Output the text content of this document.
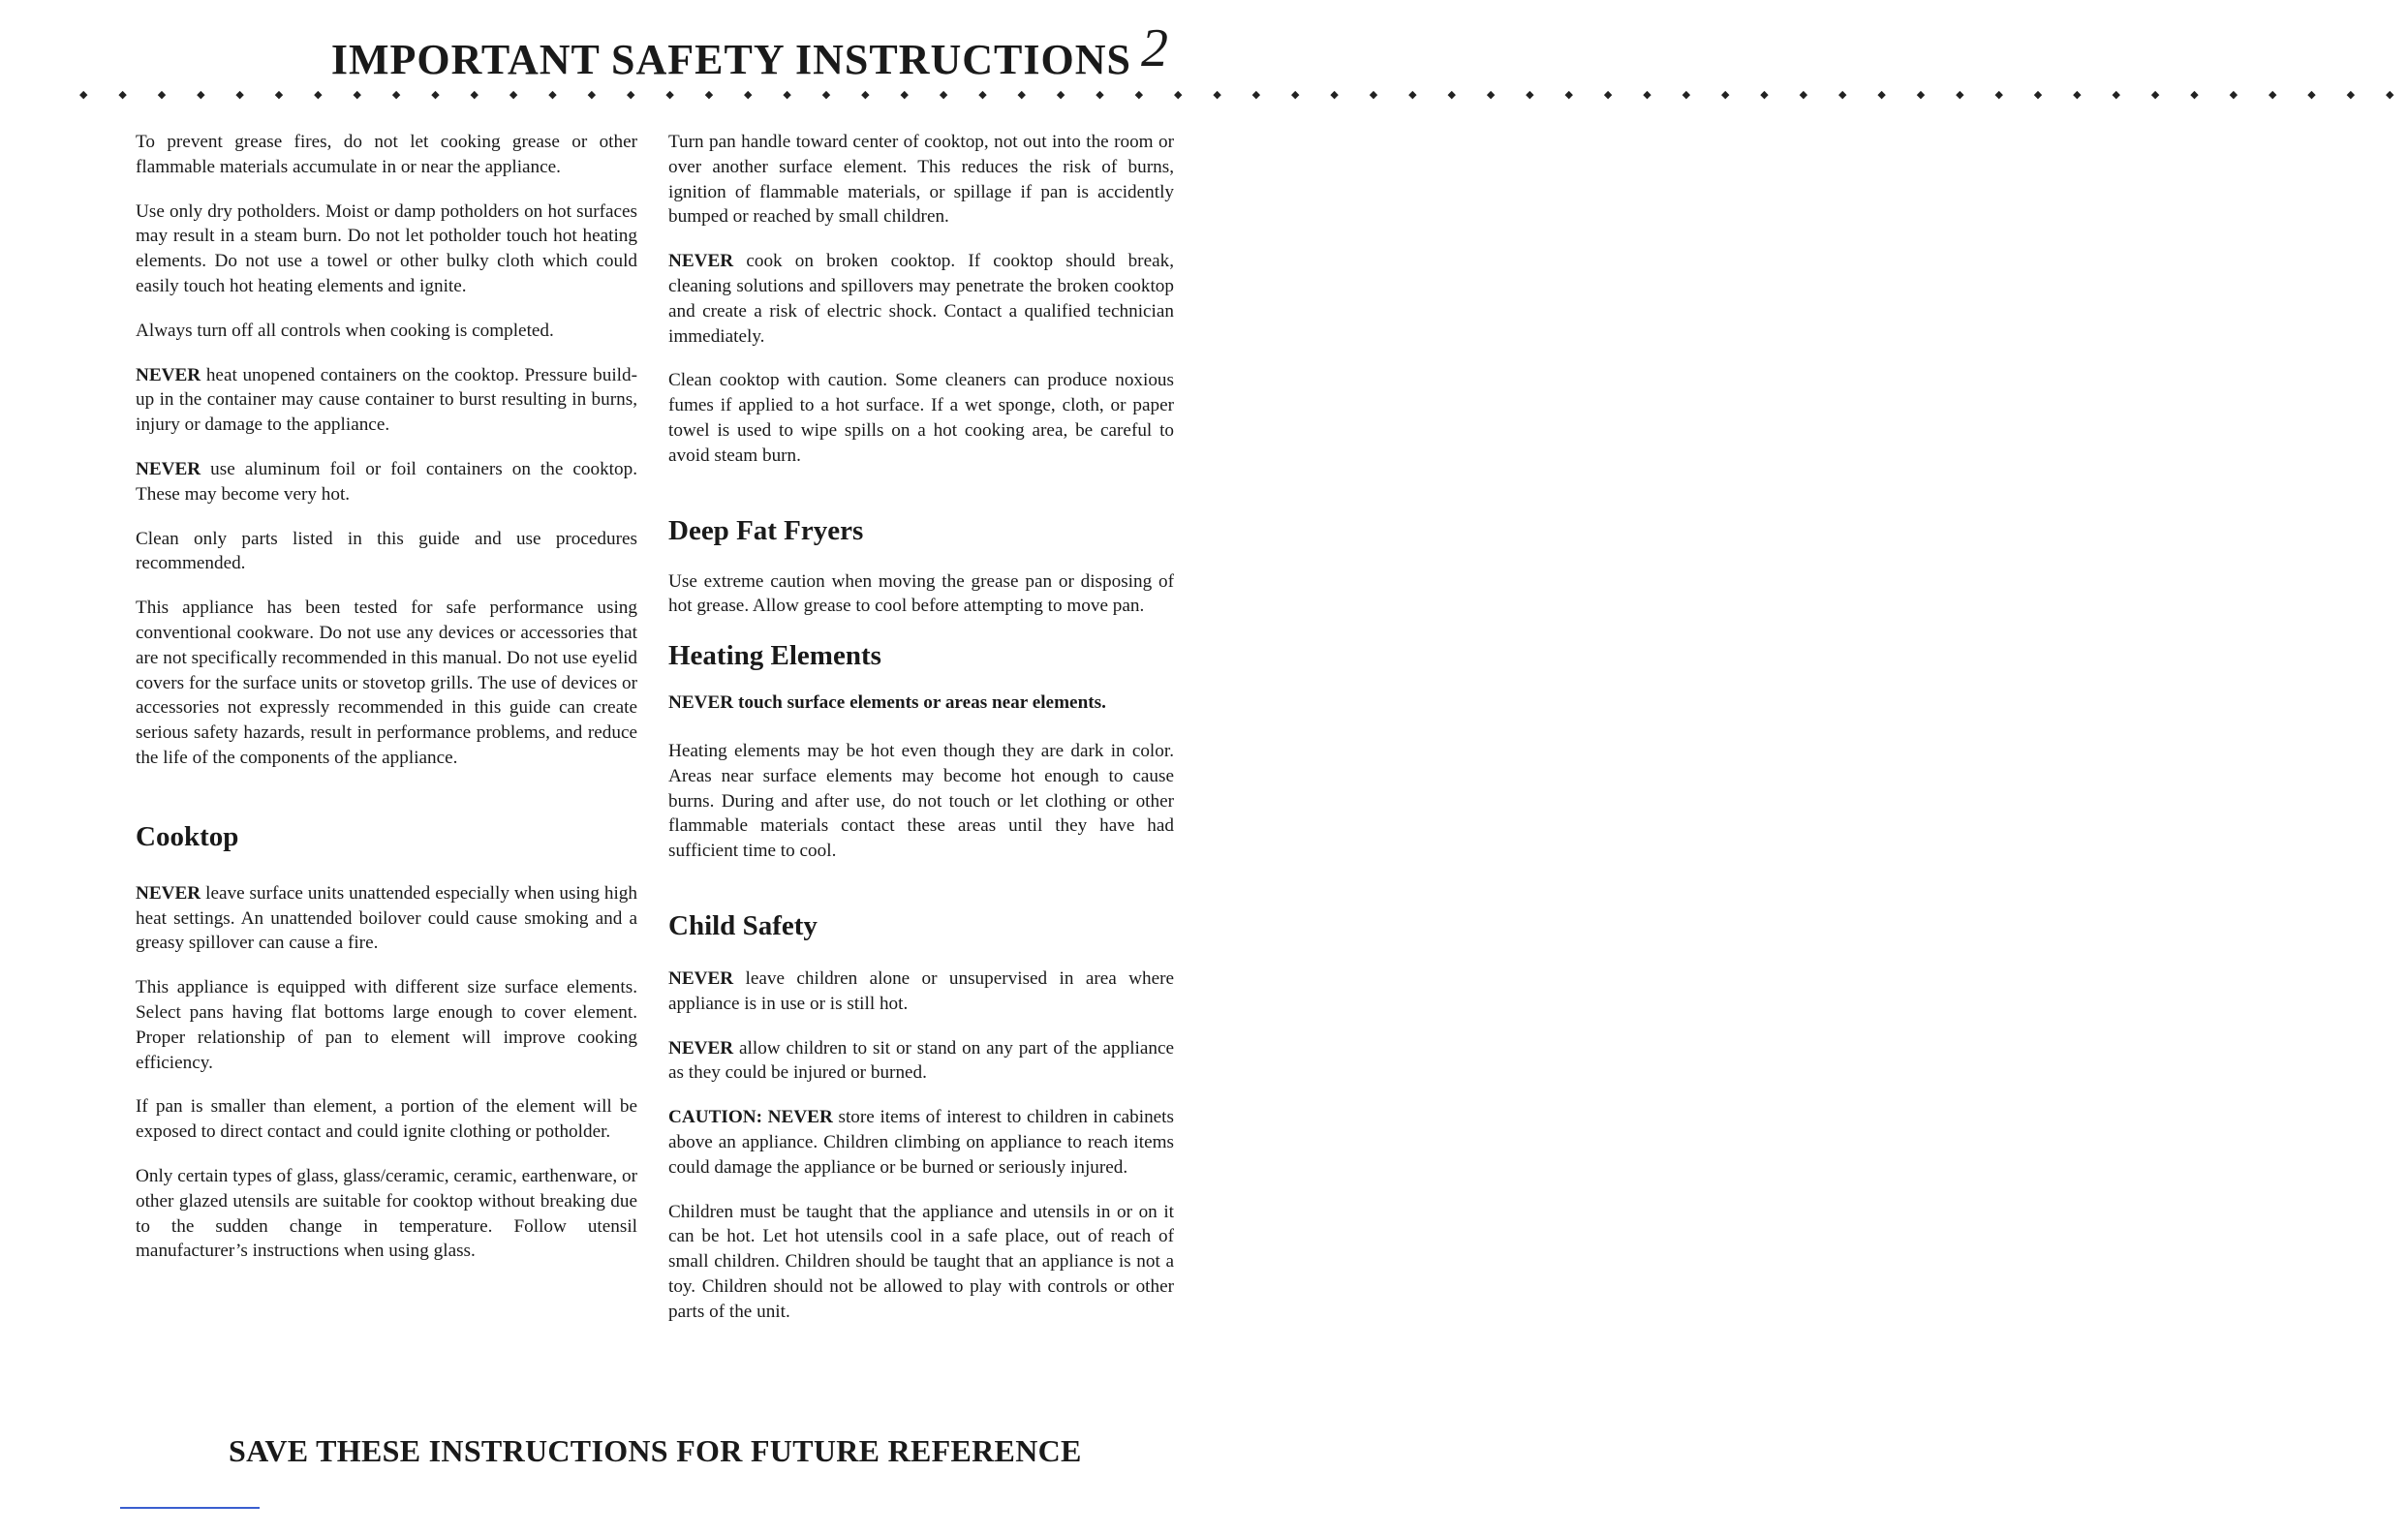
IMPORTANT SAFETY INSTRUCTIONS 2
◆ ◆ ◆ ◆ ◆ ◆ ◆ ◆ ◆ ◆ ◆ ◆ ◆ ◆ ◆ ◆ ◆ ◆ ◆ ◆ ◆ ◆ ◆ ◆ ◆ ◆ ◆ ◆ ◆ ◆ ◆ ◆ ◆ ◆ ◆ ◆ ◆ ◆ ◆ ◆ ◆ ◆ ◆ ◆ ◆ ◆ ◆ ◆ ◆ ◆ ◆ ◆ ◆ ◆ ◆ ◆ ◆ ◆ ◆ ◆

To prevent grease fires, do not let cooking grease or other flammable materials accumulate in or near the appliance.

Use only dry potholders. Moist or damp potholders on hot surfaces may result in a steam burn. Do not let potholder touch hot heating elements. Do not use a towel or other bulky cloth which could easily touch hot heating elements and ignite.

Always turn off all controls when cooking is completed.

NEVER heat unopened containers on the cooktop. Pressure build-up in the container may cause container to burst resulting in burns, injury or damage to the appliance.

NEVER use aluminum foil or foil containers on the cooktop. These may become very hot.

Clean only parts listed in this guide and use procedures recommended.

This appliance has been tested for safe performance using conventional cookware. Do not use any devices or accessories that are not specifically recommended in this manual. Do not use eyelid covers for the surface units or stovetop grills. The use of devices or accessories not expressly recommended in this guide can create serious safety hazards, result in performance problems, and reduce the life of the components of the appliance.

Cooktop

NEVER leave surface units unattended especially when using high heat settings. An unattended boilover could cause smoking and a greasy spillover can cause a fire.

This appliance is equipped with different size surface elements. Select pans having flat bottoms large enough to cover element. Proper relationship of pan to element will improve cooking efficiency.

If pan is smaller than element, a portion of the element will be exposed to direct contact and could ignite clothing or potholder.

Only certain types of glass, glass/ceramic, ceramic, earthenware, or other glazed utensils are suitable for cooktop without breaking due to the sudden change in temperature. Follow utensil manufacturer’s instructions when using glass.

Turn pan handle toward center of cooktop, not out into the room or over another surface element. This reduces the risk of burns, ignition of flammable materials, or spillage if pan is accidently bumped or reached by small children.

NEVER cook on broken cooktop. If cooktop should break, cleaning solutions and spillovers may penetrate the broken cooktop and create a risk of electric shock. Contact a qualified technician immediately.

Clean cooktop with caution. Some cleaners can produce noxious fumes if applied to a hot surface. If a wet sponge, cloth, or paper towel is used to wipe spills on a hot cooking area, be careful to avoid steam burn.

Deep Fat Fryers

Use extreme caution when moving the grease pan or disposing of hot grease. Allow grease to cool before attempting to move pan.

Heating Elements

NEVER touch surface elements or areas near elements.

Heating elements may be hot even though they are dark in color. Areas near surface elements may become hot enough to cause burns. During and after use, do not touch or let clothing or other flammable materials contact these areas until they have had sufficient time to cool.

Child Safety

NEVER leave children alone or unsupervised in area where appliance is in use or is still hot.

NEVER allow children to sit or stand on any part of the appliance as they could be injured or burned.

CAUTION: NEVER store items of interest to children in cabinets above an appliance. Children climbing on appliance to reach items could damage the appliance or be burned or seriously injured.

Children must be taught that the appliance and utensils in or on it can be hot. Let hot utensils cool in a safe place, out of reach of small children. Children should be taught that an appliance is not a toy. Children should not be allowed to play with controls or other parts of the unit.

SAVE THESE INSTRUCTIONS FOR FUTURE REFERENCE
